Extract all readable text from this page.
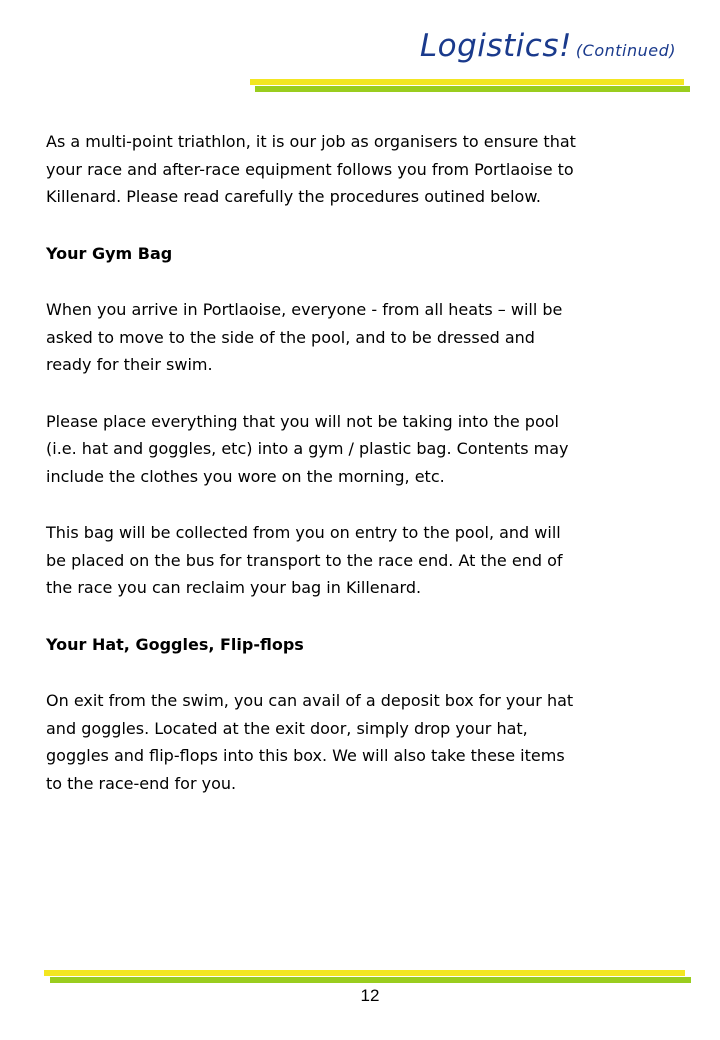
Logistics! (Continued)

As a multi-point triathlon, it is our job as organisers to ensure that your race and after-race equipment follows you from Portlaoise to Killenard. Please read carefully the procedures outined below.

Your Gym Bag

When you arrive in Portlaoise, everyone - from all heats – will be asked to move to the side of the pool, and to be dressed and ready for their swim.

Please place everything that you will not be taking into the pool (i.e. hat and goggles, etc) into a gym / plastic bag. Contents may include the clothes you wore on the morning, etc.

This bag will be collected from you on entry to the pool, and will be placed on the bus for transport to the race end. At the end of the race you can reclaim your bag in Killenard.

Your Hat, Goggles, Flip-flops

On exit from the swim, you can avail of a deposit box for your hat and goggles. Located at the exit door, simply drop your hat, goggles and flip-flops into this box. We will also take these items to the race-end for you.

12
